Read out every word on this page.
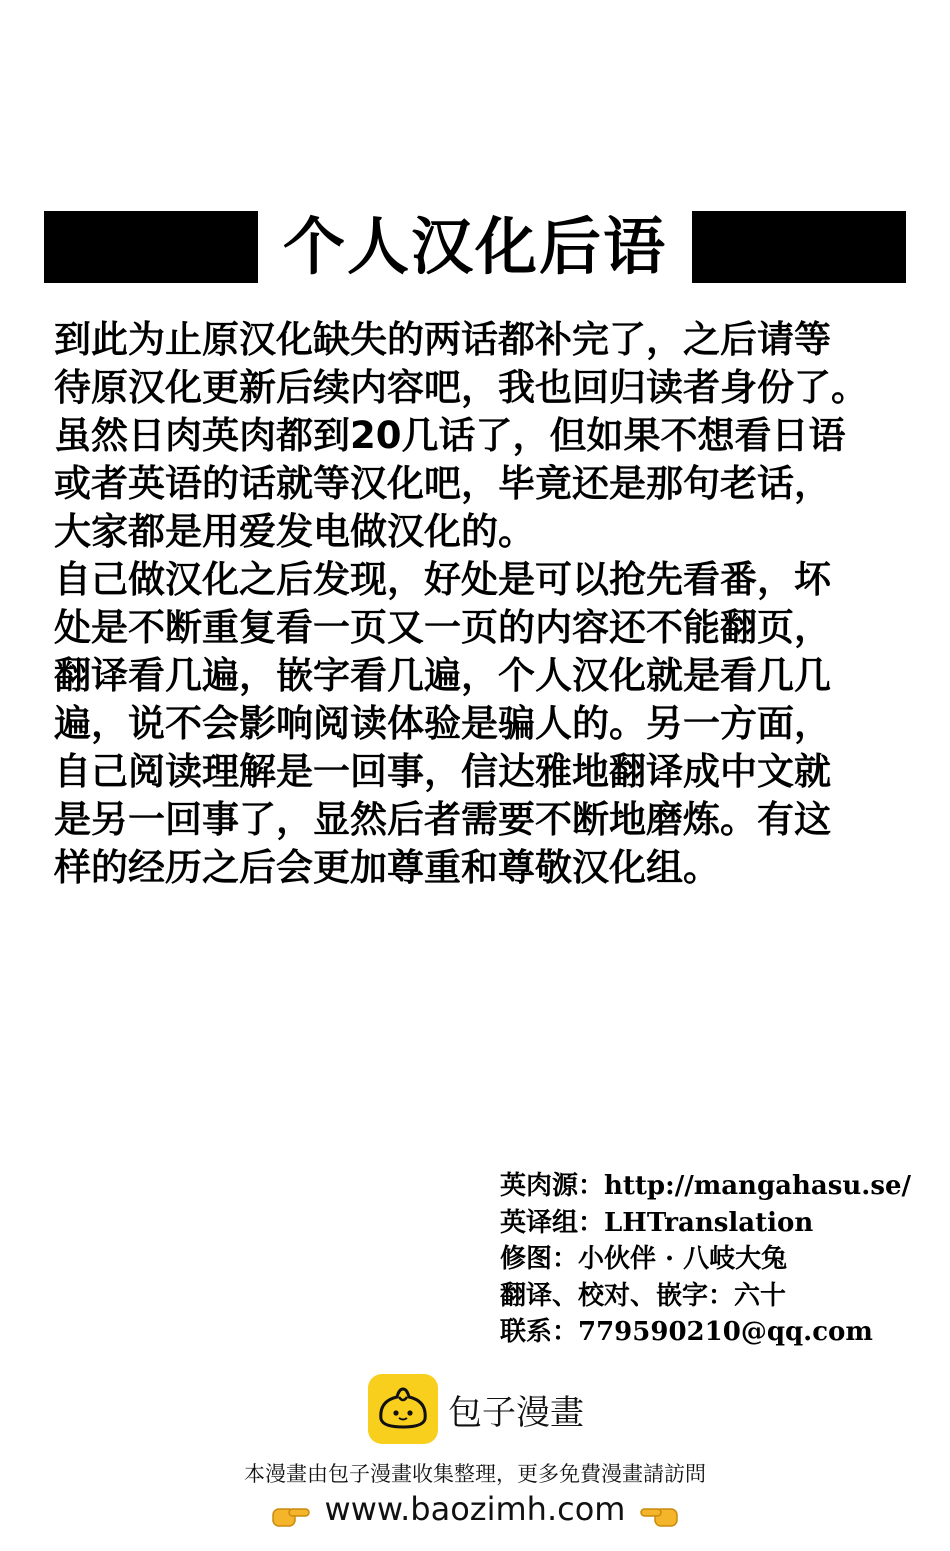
个人汉化后语

到此为止原汉化缺失的两话都补完了，之后请等

待原汉化更新后续内容吧，我也回归读者身份了。

虽然日肉英肉都到20几话了，但如果不想看日语

或者英语的话就等汉化吧，毕竟还是那句老话，

大家都是用爱发电做汉化的。

自己做汉化之后发现，好处是可以抢先看番，坏

处是不断重复看一页又一页的内容还不能翻页，

翻译看几遍，嵌字看几遍，个人汉化就是看几几

遍，说不会影响阅读体验是骗人的。另一方面，

自己阅读理解是一回事，信达雅地翻译成中文就

是另一回事了，显然后者需要不断地磨炼。有这

样的经历之后会更加尊重和尊敬汉化组。

英肉源：http://mangahasu.se/
英译组：LHTranslation
修图：小伙伴 · 八岐大兔
翻译、校对、嵌字：六十
联系：779590210@qq.com
包子漫畫
本漫畫由包子漫畫收集整理，更多免費漫畫請訪問
www.baozimh.com
